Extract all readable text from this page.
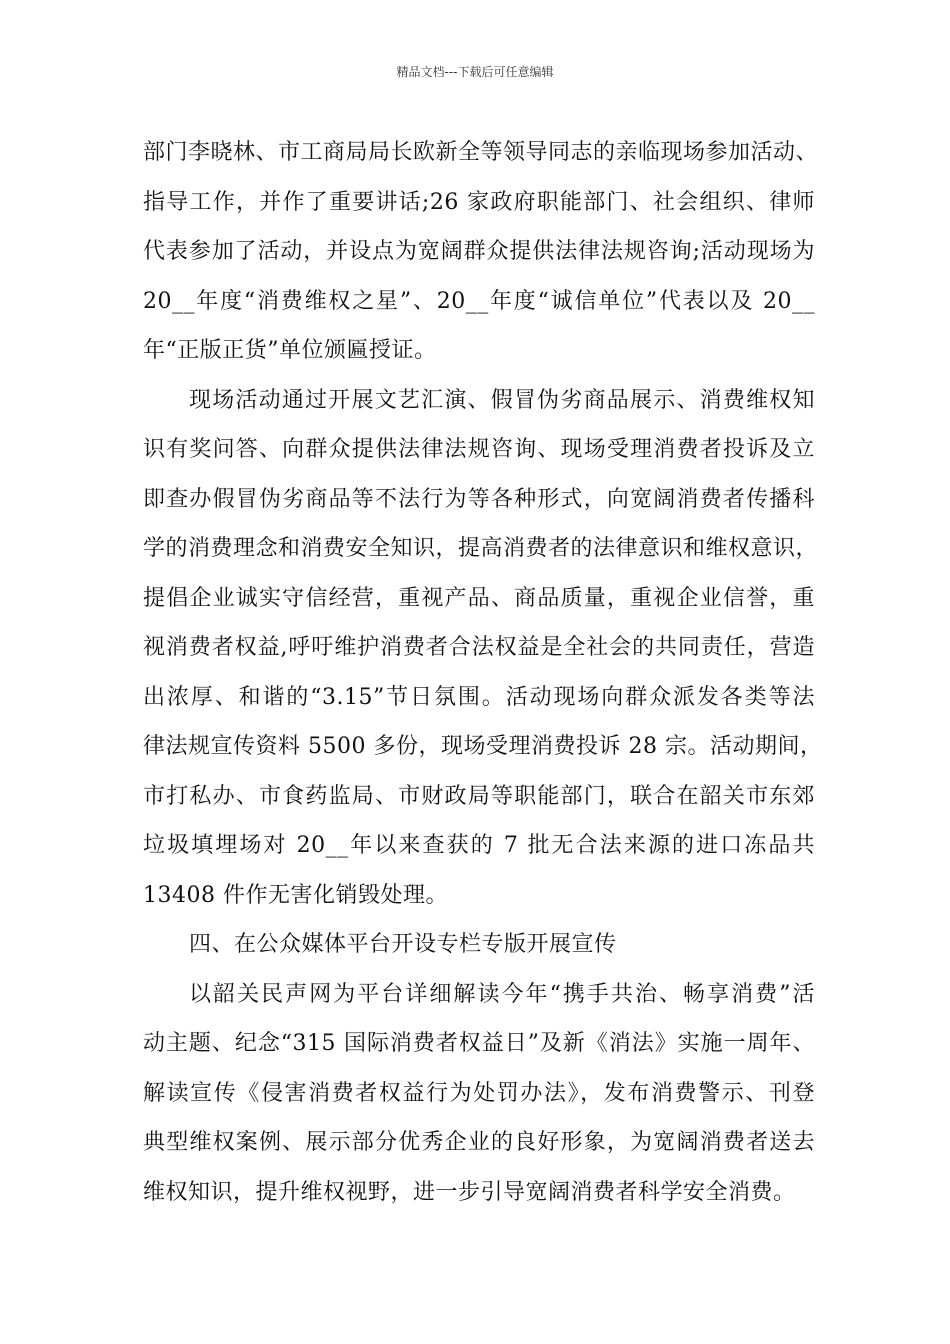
精品文档---下载后可任意编辑
部门李晓林、市工商局局长欧新全等领导同志的亲临现场参加活动、
指导工作，并作了重要讲话;26 家政府职能部门、社会组织、律师
代表参加了活动，并设点为宽阔群众提供法律法规咨询;活动现场为
20__年度“消费维权之星”、20__年度“诚信单位”代表以及 20__
年“正版正货”单位颁匾授证。
现场活动通过开展文艺汇演、假冒伪劣商品展示、消费维权知
识有奖问答、向群众提供法律法规咨询、现场受理消费者投诉及立
即查办假冒伪劣商品等不法行为等各种形式，向宽阔消费者传播科
学的消费理念和消费安全知识，提高消费者的法律意识和维权意识，
提倡企业诚实守信经营，重视产品、商品质量，重视企业信誉，重
视消费者权益,呼吁维护消费者合法权益是全社会的共同责任，营造
出浓厚、和谐的“3.15”节日氛围。活动现场向群众派发各类等法
律法规宣传资料 5500 多份，现场受理消费投诉 28 宗。活动期间，
市打私办、市食药监局、市财政局等职能部门，联合在韶关市东郊
垃圾填埋场对 20__年以来查获的 7 批无合法来源的进口冻品共
13408 件作无害化销毁处理。
四、在公众媒体平台开设专栏专版开展宣传
以韶关民声网为平台详细解读今年“携手共治、畅享消费”活
动主题、纪念“315 国际消费者权益日”及新《消法》实施一周年、
解读宣传《侵害消费者权益行为处罚办法》，发布消费警示、刊登
典型维权案例、展示部分优秀企业的良好形象，为宽阔消费者送去
维权知识，提升维权视野，进一步引导宽阔消费者科学安全消费。
